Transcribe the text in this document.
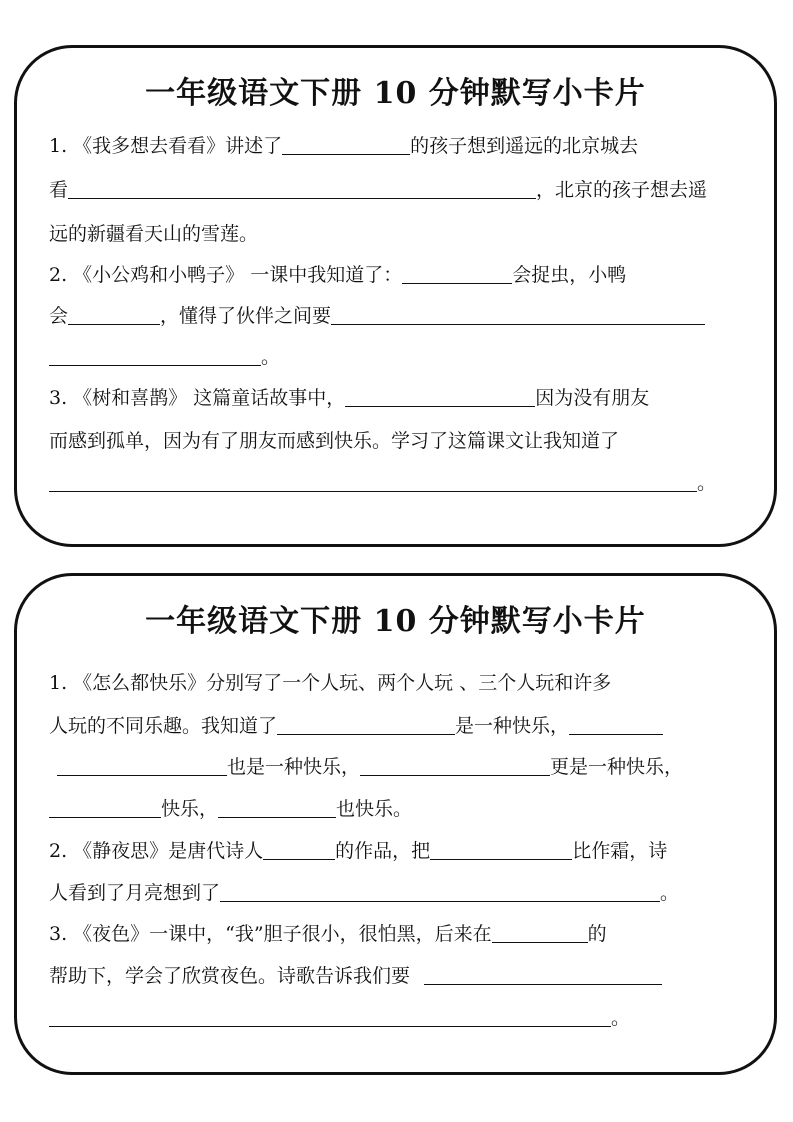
一年级语文下册 10 分钟默写小卡片
1. 《我多想去看看》讲述了	的孩子想到遥远的北京城去
看	，北京的孩子想去遥
远的新疆看天山的雪莲。
2. 《小公鸡和小鸭子》 一课中我知道了：	会捉虫，小鸭
会	，懂得了伙伴之间要
。
3. 《树和喜鹊》 这篇童话故事中，	因为没有朋友
而感到孤单，因为有了朋友而感到快乐。学习了这篇课文让我知道了
。
一年级语文下册 10 分钟默写小卡片
1. 《怎么都快乐》分别写了一个人玩、两个人玩 、三个人玩和许多
人玩的不同乐趣。我知道了	是一种快乐，
也是一种快乐，	更是一种快乐，
快乐，	也快乐。
2. 《静夜思》是唐代诗人	的作品，把	比作霜，诗
人看到了月亮想到了	。
3. 《夜色》一课中，“我”胆子很小，很怕黑，后来在	的
帮助下，学会了欣赏夜色。诗歌告诉我们要
。
